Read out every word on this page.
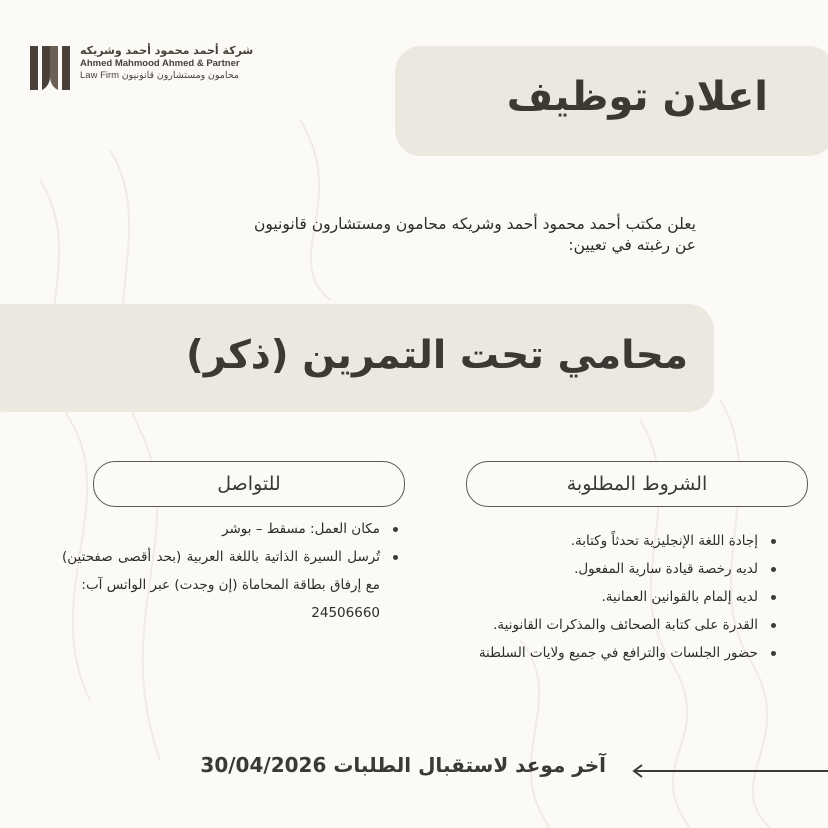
شركة أحمد محمود أحمد وشريكه
Ahmed Mahmood Ahmed & Partner
Law Firm محامون ومستشارون قانونيون	اعلان توظيف
يعلن مكتب أحمد محمود أحمد وشريكه محامون ومستشارون قانونيون عن رغبته في تعيين:
محامي تحت التمرين (ذكر)
الشروط المطلوبة
للتواصل
إجادة اللغة الإنجليزية تحدثاً وكتابة.
لديه رخصة قيادة سارية المفعول.
لديه إلمام بالقوانين العمانية.
القدرة على كتابة الصحائف والمذكرات القانونية.
حضور الجلسات والترافع في جميع ولايات السلطنة
مكان العمل: مسقط – بوشر
تُرسل السيرة الذاتية باللغة العربية (بحد أقصى صفحتين) مع إرفاق بطاقة المحاماة (إن وجدت) عبر الواتس آب:
24506660
آخر موعد لاستقبال الطلبات 30/04/2026
